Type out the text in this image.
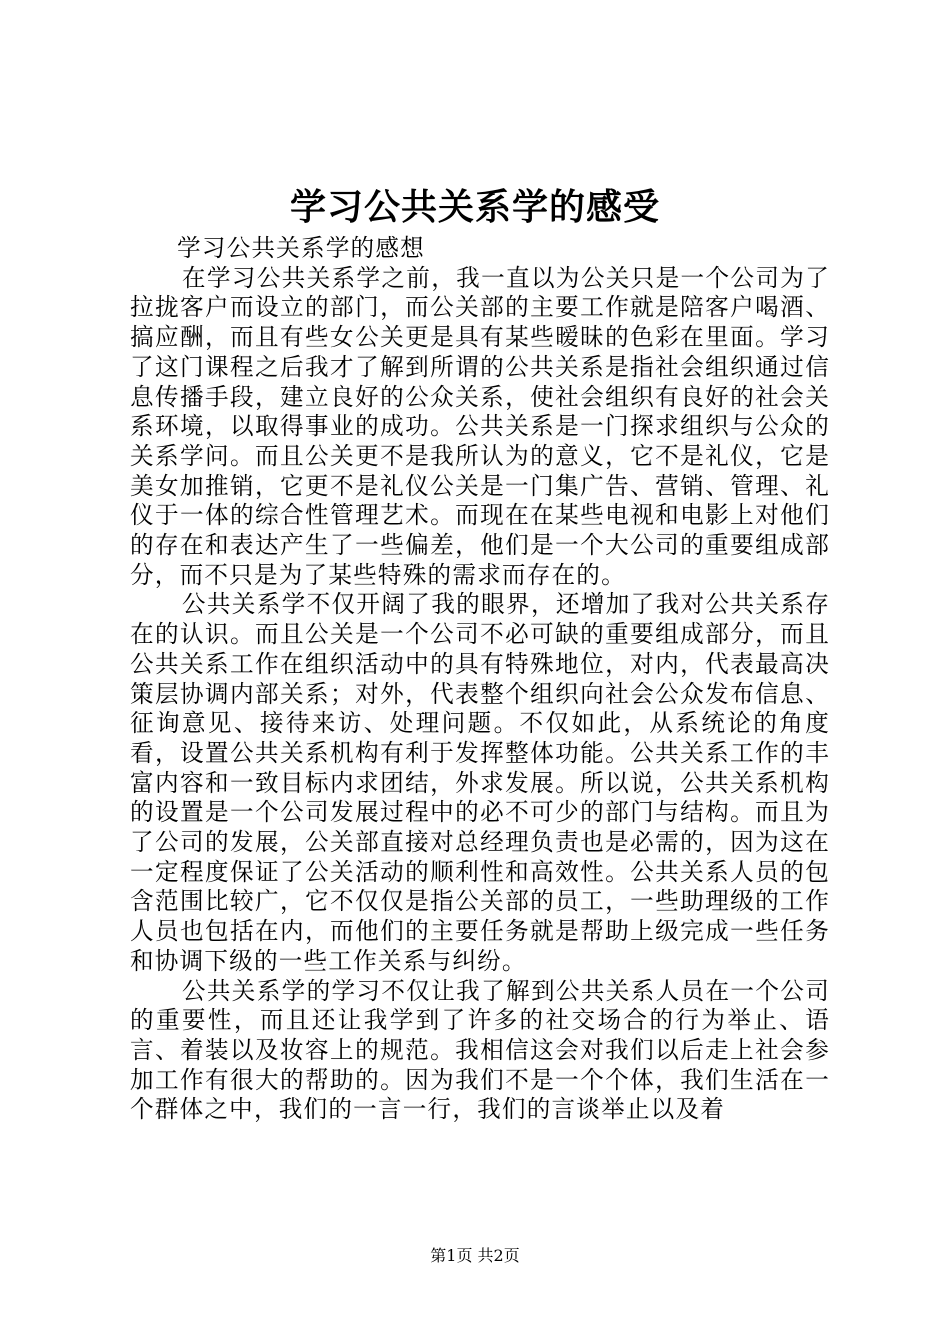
学习公共关系学的感受

学习公共关系学的感想

在学习公共关系学之前，我一直以为公关只是一个公司为了拉拢客户而设立的部门，而公关部的主要工作就是陪客户喝酒、搞应酬，而且有些女公关更是具有某些暧昧的色彩在里面。学习了这门课程之后我才了解到所谓的公共关系是指社会组织通过信息传播手段，建立良好的公众关系，使社会组织有良好的社会关系环境，以取得事业的成功。公共关系是一门探求组织与公众的关系学问。而且公关更不是我所认为的意义，它不是礼仪，它是美女加推销，它更不是礼仪公关是一门集广告、营销、管理、礼仪于一体的综合性管理艺术。而现在在某些电视和电影上对他们的存在和表达产生了一些偏差，他们是一个大公司的重要组成部分，而不只是为了某些特殊的需求而存在的。

公共关系学不仅开阔了我的眼界，还增加了我对公共关系存在的认识。而且公关是一个公司不必可缺的重要组成部分，而且公共关系工作在组织活动中的具有特殊地位，对内，代表最高决策层协调内部关系；对外，代表整个组织向社会公众发布信息、征询意见、接待来访、处理问题。不仅如此，从系统论的角度看，设置公共关系机构有利于发挥整体功能。公共关系工作的丰富内容和一致目标内求团结，外求发展。所以说，公共关系机构的设置是一个公司发展过程中的必不可少的部门与结构。而且为了公司的发展，公关部直接对总经理负责也是必需的，因为这在一定程度保证了公关活动的顺利性和高效性。公共关系人员的包含范围比较广，它不仅仅是指公关部的员工，一些助理级的工作人员也包括在内，而他们的主要任务就是帮助上级完成一些任务和协调下级的一些工作关系与纠纷。

公共关系学的学习不仅让我了解到公共关系人员在一个公司的重要性，而且还让我学到了许多的社交场合的行为举止、语言、着装以及妆容上的规范。我相信这会对我们以后走上社会参加工作有很大的帮助的。因为我们不是一个个体，我们生活在一个群体之中，我们的一言一行，我们的言谈举止以及着

第1页 共2页
